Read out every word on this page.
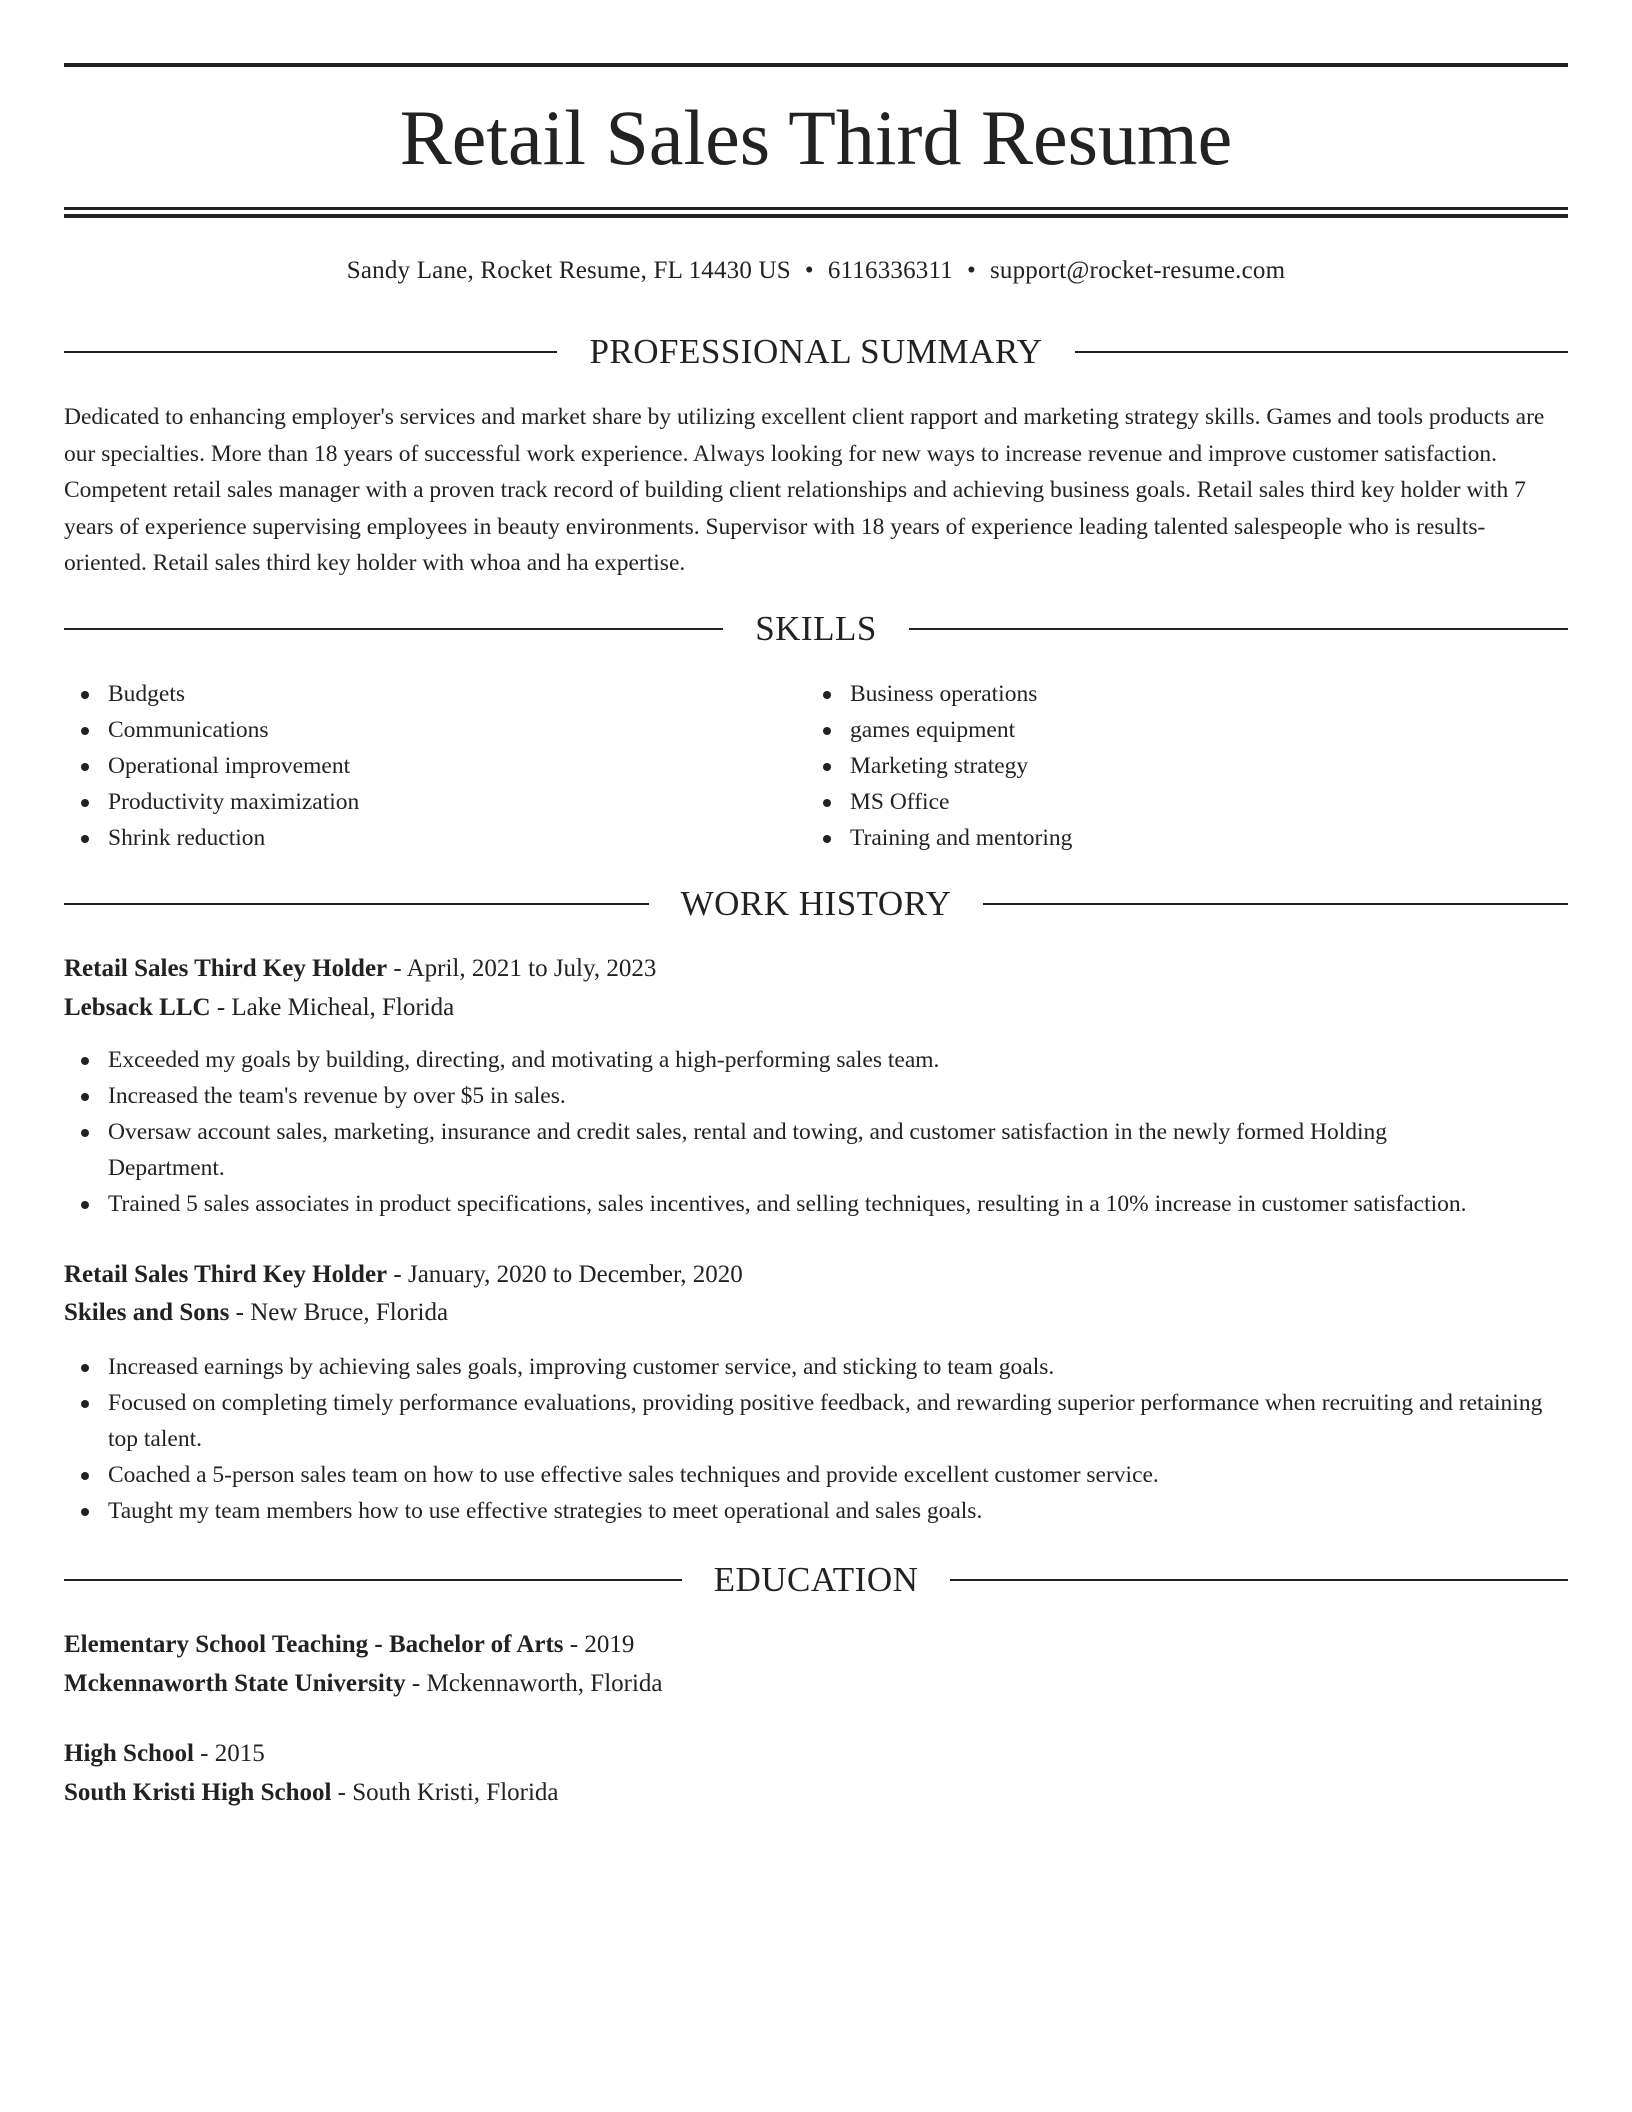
Retail Sales Third Resume
Sandy Lane, Rocket Resume, FL 14430 US • 6116336311 • support@rocket-resume.com
PROFESSIONAL SUMMARY

Dedicated to enhancing employer's services and market share by utilizing excellent client rapport and marketing strategy skills. Games and tools products are our specialties. More than 18 years of successful work experience. Always looking for new ways to increase revenue and improve customer satisfaction. Competent retail sales manager with a proven track record of building client relationships and achieving business goals. Retail sales third key holder with 7 years of experience supervising employees in beauty environments. Supervisor with 18 years of experience leading talented salespeople who is results-oriented. Retail sales third key holder with whoa and ha expertise.

SKILLS
Budgets
Communications
Operational improvement
Productivity maximization
Shrink reduction
Business operations
games equipment
Marketing strategy
MS Office
Training and mentoring
WORK HISTORY
Retail Sales Third Key Holder - April, 2021 to July, 2023
Lebsack LLC - Lake Micheal, Florida
Exceeded my goals by building, directing, and motivating a high-performing sales team.
Increased the team's revenue by over $5 in sales.
Oversaw account sales, marketing, insurance and credit sales, rental and towing, and customer satisfaction in the newly formed Holding Department.
Trained 5 sales associates in product specifications, sales incentives, and selling techniques, resulting in a 10% increase in customer satisfaction.
Retail Sales Third Key Holder - January, 2020 to December, 2020
Skiles and Sons - New Bruce, Florida
Increased earnings by achieving sales goals, improving customer service, and sticking to team goals.
Focused on completing timely performance evaluations, providing positive feedback, and rewarding superior performance when recruiting and retaining top talent.
Coached a 5-person sales team on how to use effective sales techniques and provide excellent customer service.
Taught my team members how to use effective strategies to meet operational and sales goals.
EDUCATION
Elementary School Teaching - Bachelor of Arts - 2019
Mckennaworth State University - Mckennaworth, Florida
High School - 2015
South Kristi High School - South Kristi, Florida
